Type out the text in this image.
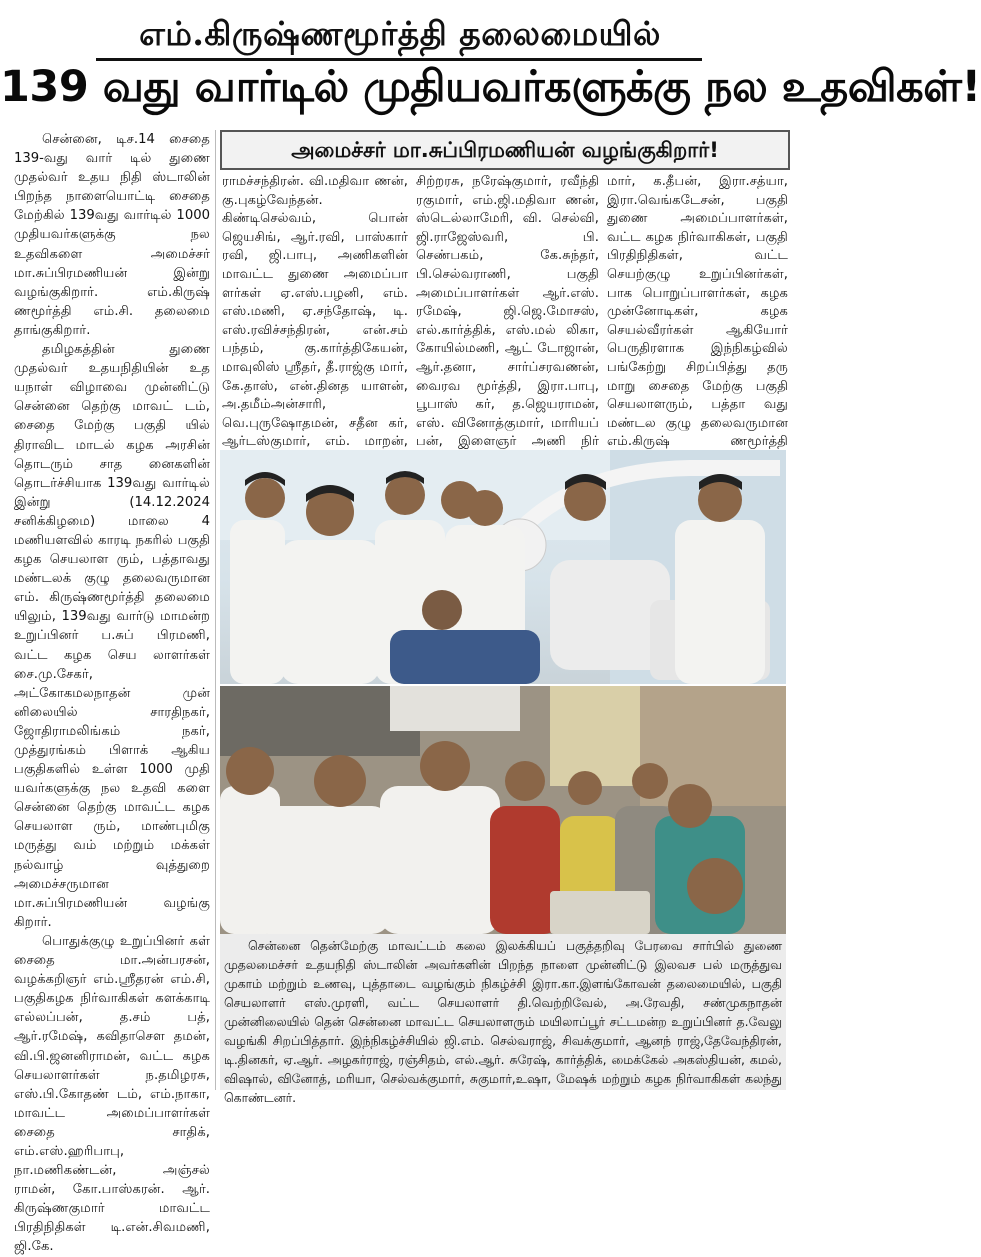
எம்.கிருஷ்ணமூர்த்தி தலைமையில்
139 வது வார்டில் முதியவர்களுக்கு நல உதவிகள்!

சென்னை, டிச.14 சைதை 139-வது வார் டில் துணை முதல்வர் உதய நிதி ஸ்டாலின் பிறந்த நாளையொட்டி சைதை மேற்கில் 139வது வார்டில் 1000 முதியவர்களுக்கு நல உதவிகளை அமைச்சர் மா.சுப்பிரமணியன் இன்று வழங்குகிறார். எம்.கிருஷ் ணமூர்த்தி எம்.சி. தலைமை தாங்குகிறார்.

தமிழகத்தின் துணை முதல்வர் உதயநிதியின் உத யநாள் விழாவை முன்னிட்டு சென்னை தெற்கு மாவட் டம், சைதை மேற்கு பகுதி யில் திராவிட மாடல் கழக அரசின் தொடரும் சாத னைகளின் தொடர்ச்சியாக 139வது வார்டில் இன்று (14.12.2024 சனிக்கிழமை) மாலை 4 மணியளவில் காரடி நகரில் பகுதி கழக செயலாள ரும், பத்தாவது மண்டலக் குழு தலைவருமான எம். கிருஷ்ணமூர்த்தி தலைமை யிலும், 139வது வார்டு மாமன்ற உறுப்பினர் ப.சுப் பிரமணி, வட்ட கழக செய லாளர்கள் சை.மு.சேகர், அட்கோகமலநாதன் முன் னிலையில் சாரதிநகர், ஜோதிராமலிங்கம் நகர், முத்துரங்கம் பிளாக் ஆகிய பகுதிகளில் உள்ள 1000 முதி யவர்களுக்கு நல உதவி களை சென்னை தெற்கு மாவட்ட கழக செயலாள ரும், மாண்புமிகு மருத்து வம் மற்றும் மக்கள் நல்வாழ் வுத்துறை அமைச்சருமான மா.சுப்பிரமணியன் வழங்கு கிறார்.

பொதுக்குழு உறுப்பினர் கள் சைதை மா.அன்பரசன், வழக்கறிஞர் எம்.ஸ்ரீதரன் எம்.சி, பகுதிகழக நிர்வாகிகள் களக்காடி எல்லப்பன், த.சம் பத், ஆர்.ரமேஷ், கவிதாசெள தமன், வி.பி.ஜனனிராமன், வட்ட கழக செயலாளர்கள் ந.தமிழரசு, எஸ்.பி.கோதண் டம், எம்.நாகா, மாவட்ட அமைப்பாளர்கள் சைதை சாதிக், எம்.எஸ்.ஹரிபாபு, நா.மணிகண்டன், அஞ்சல் ராமன், கோ.பாஸ்கரன். ஆர். கிருஷ்ணகுமார் மாவட்ட பிரதிநிதிகள் டி.என்.சிவமணி, ஜி.கே.

அமைச்சர் மா.சுப்பிரமணியன் வழங்குகிறார்!
ராமச்சந்திரன். வி.மதிவா ணன், கு.புகழ்வேந்தன். கிண்டிசெல்வம், பொன் ஜெயசிங், ஆர்.ரவி, பாஸ்கார் ரவி, ஜி.பாபு, அணிகளின் மாவட்ட துணை அமைப்பா ளர்கள் ஏ.எஸ்.பழனி, எம். எஸ்.மணி, ஏ.சந்தோஷ், டி. எஸ்.ரவிச்சந்திரன், என்.சம் பந்தம், கு.கார்த்திகேயன், மாவுலிஸ் ஸ்ரீதர், தீ.ராஜ்கு மார், கே.தாஸ், என்.தினத யாளன், அ.தமீம்அன்சாரி, வெ.புருஷோதமன், சதீன கர், ஆர்டஸ்குமார், எம். மாறன்,
சிற்றரசு, நரேஷ்குமார், ரவீந்தி ரகுமார், எம்.ஜி.மதிவா ணன், ஸ்டெல்லாமேரி, வி. செல்வி, ஜி.ராஜேஸ்வரி, பி. செண்பகம், கே.சுந்தர், பி.செல்வராணி, பகுதி அமைப்பாளர்கள் ஆர்.எஸ். ரமேஷ், ஜி.ஜெ.மோசஸ், எல்.கார்த்திக், எஸ்.மல் லிகா, கோயில்மணி, ஆட் டோஜான், ஆர்.தனா, சார்ப்சரவணன், வைரவ மூர்த்தி, இரா.பாபு, பூபாஸ் கர், த.ஜெயராமன், எஸ். வினோத்குமார், மாரியப் பன், இளைஞர் அணி நிர்
மார், க.தீபன், இரா.சத்யா, இரா.வெங்கடேசன், பகுதி துணை அமைப்பாளர்கள், வட்ட கழக நிர்வாகிகள், பகுதி பிரதிநிதிகள், வட்ட செயற்குழு உறுப்பினர்கள், பாக பொறுப்பாளர்கள், கழக முன்னோடிகள், கழக செயல்வீரர்கள் ஆகியோர் பெருதிரளாக இந்நிகழ்வில் பங்கேற்று சிறப்பித்து தரு மாறு சைதை மேற்கு பகுதி செயலாளரும், பத்தா வது மண்டல குழு தலைவருமான எம்.கிருஷ் ணமூர்த்தி

சென்னை தென்மேற்கு மாவட்டம் கலை இலக்கியப் பகுத்தறிவு பேரவை சார்பில் துணை முதலமைச்சர் உதயநிதி ஸ்டாலின் அவர்களின் பிறந்த நாளை முன்னிட்டு இலவச பல் மருத்துவ முகாம் மற்றும் உணவு, புத்தாடை வழங்கும் நிகழ்ச்சி இரா.கா.இளங்கோவன் தலைமையில், பகுதி செயலாளர் எஸ்.முரளி, வட்ட செயலாளர் தி.வெற்றிவேல், அ.ரேவதி, சண்முகநாதன் முன்னிலையில் தென் சென்னை மாவட்ட செயலாளரும் மயிலாப்பூர் சட்டமன்ற உறுப்பினர் த.வேலு வழங்கி சிறப்பித்தார். இந்நிகழ்ச்சியில் ஜி.எம். செல்வராஜ், சிவக்குமார், ஆனந் ராஜ்,தேவேந்திரன், டி.தினகர், ஏ.ஆர். அழகர்ராஜ், ரஞ்சிதம், எல்.ஆர். சுரேஷ், கார்த்திக், மைக்கேல் அகஸ்தியன், கமல், விஷால், வினோத், மரியா, செல்வக்குமார், சுகுமார்,உஷா, மேஷக் மற்றும் கழக நிர்வாகிகள் கலந்து கொண்டனர்.
